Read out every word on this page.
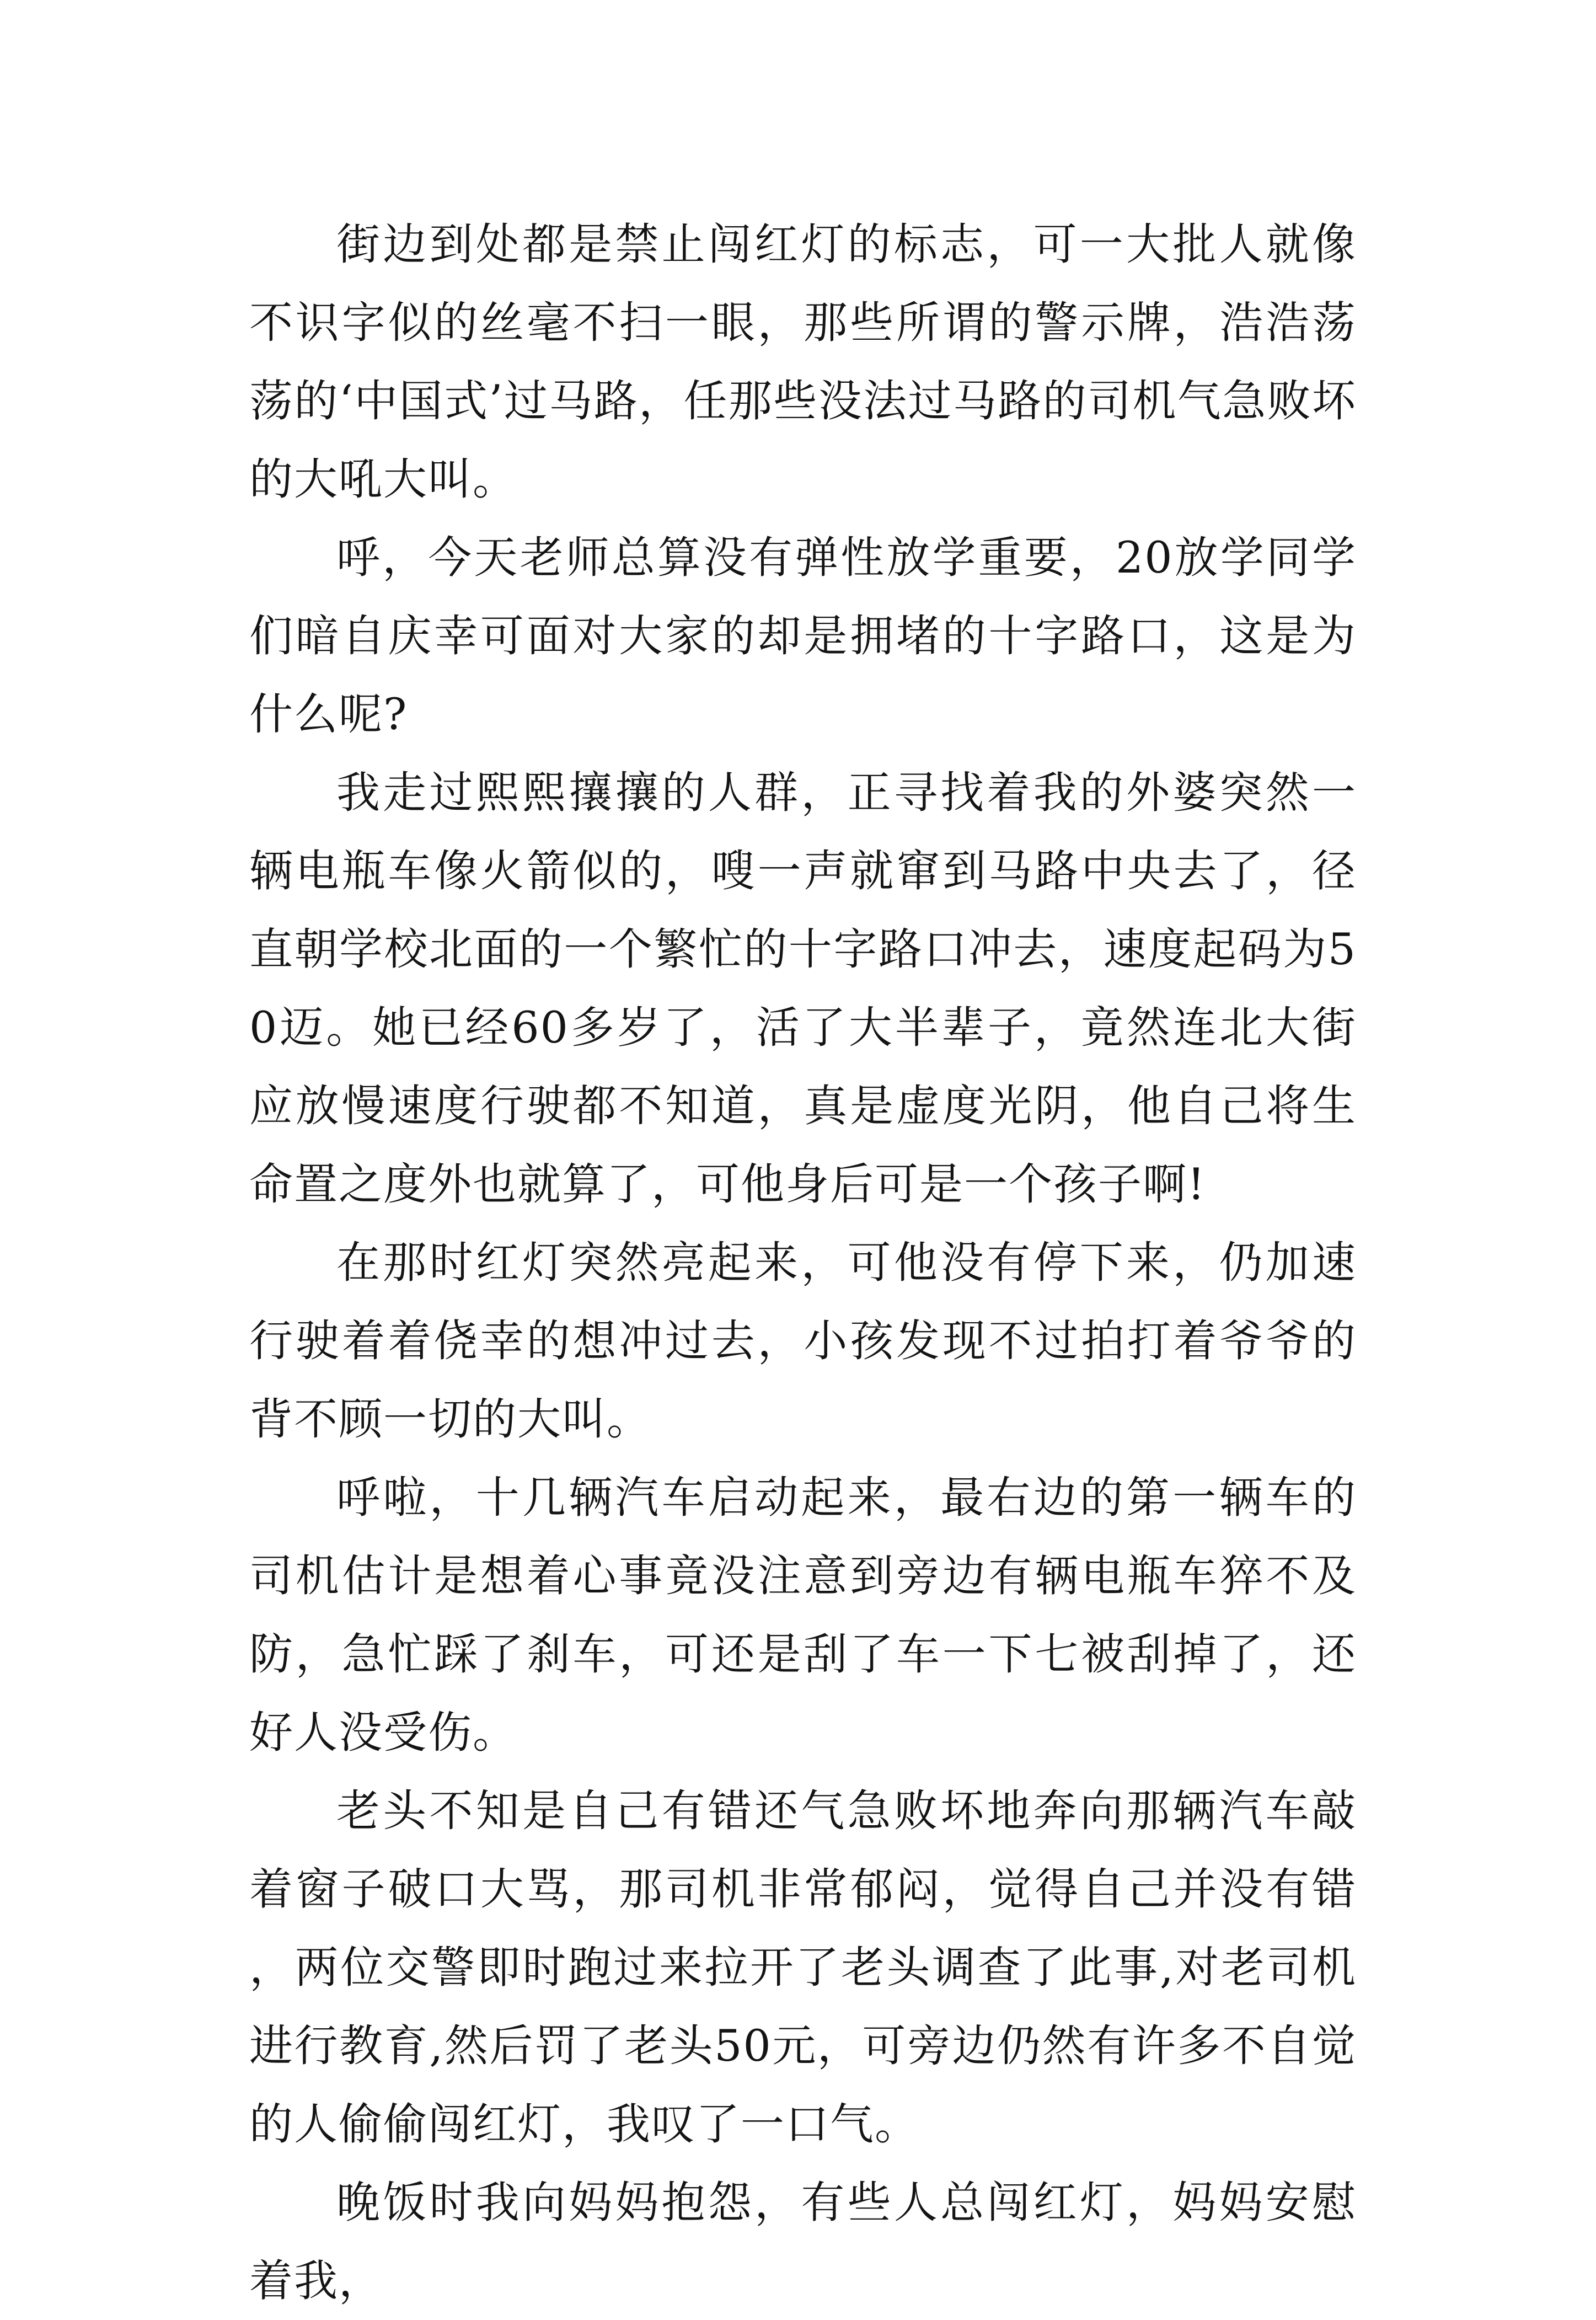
街边到处都是禁止闯红灯的标志，可一大批人就像不识字似的丝毫不扫一眼，那些所谓的警示牌，浩浩荡荡的‘中国式’过马路，任那些没法过马路的司机气急败坏的大吼大叫。

呼，今天老师总算没有弹性放学重要，20放学同学们暗自庆幸可面对大家的却是拥堵的十字路口，这是为什么呢?

我走过熙熙攘攘的人群，正寻找着我的外婆突然一辆电瓶车像火箭似的，嗖一声就窜到马路中央去了，径直朝学校北面的一个繁忙的十字路口冲去，速度起码为50迈。她已经60多岁了，活了大半辈子，竟然连北大街应放慢速度行驶都不知道，真是虚度光阴，他自己将生命置之度外也就算了，可他身后可是一个孩子啊!

在那时红灯突然亮起来，可他没有停下来，仍加速行驶着着侥幸的想冲过去，小孩发现不过拍打着爷爷的背不顾一切的大叫。

呼啦，十几辆汽车启动起来，最右边的第一辆车的司机估计是想着心事竟没注意到旁边有辆电瓶车猝不及防，急忙踩了刹车，可还是刮了车一下七被刮掉了，还好人没受伤。

老头不知是自己有错还气急败坏地奔向那辆汽车敲着窗子破口大骂，那司机非常郁闷，觉得自己并没有错，两位交警即时跑过来拉开了老头调查了此事,对老司机进行教育,然后罚了老头50元，可旁边仍然有许多不自觉的人偷偷闯红灯，我叹了一口气。

晚饭时我向妈妈抱怨，有些人总闯红灯，妈妈安慰着我，
